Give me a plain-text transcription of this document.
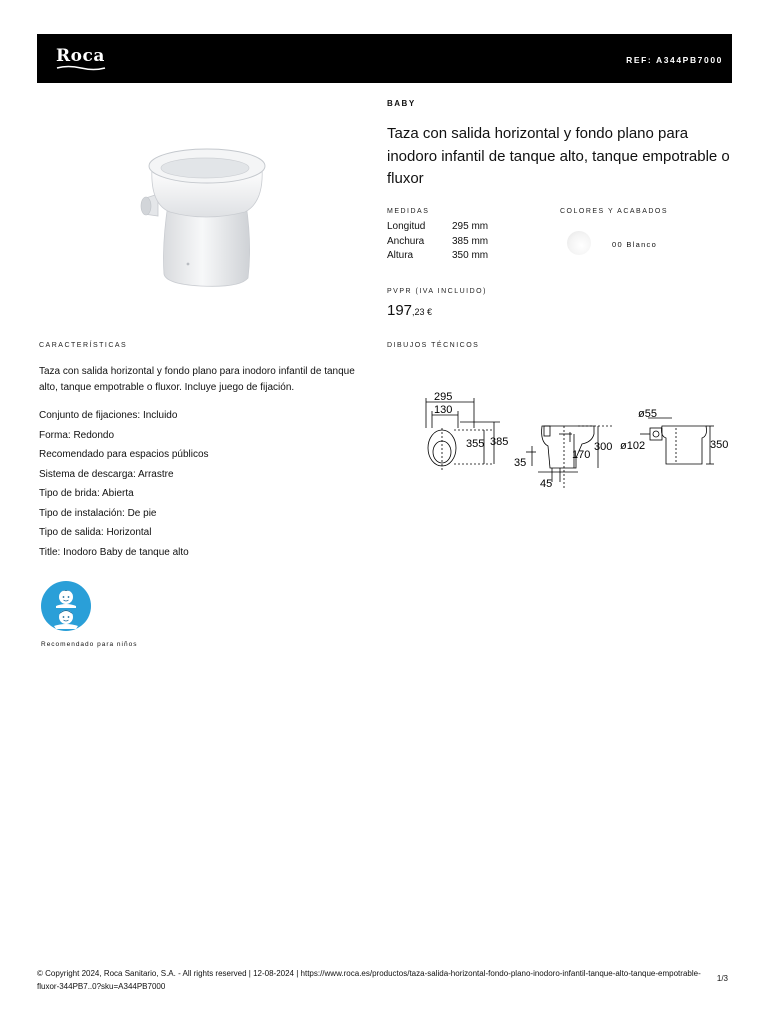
Roca	REF: A344PB7000
BABY
Taza con salida horizontal y fondo plano para inodoro infantil de tanque alto, tanque empotrable o fluxor
MEDIDAS
Longitud	295 mm
Anchura	385 mm
Altura	350 mm
COLORES Y ACABADOS
00 Blanco
PVPR (IVA INCLUIDO)
197,23 €
CARACTERÍSTICAS
Taza con salida horizontal y fondo plano para inodoro infantil de tanque alto, tanque empotrable o fluxor. Incluye juego de fijación.
Conjunto de fijaciones: Incluido
Forma: Redondo
Recomendado para espacios públicos
Sistema de descarga: Arrastre
Tipo de brida: Abierta
Tipo de instalación: De pie
Tipo de salida: Horizontal
Title: Inodoro Baby de tanque alto
Recomendado para niños
DIBUJOS TÉCNICOS
295
130
355 385
35
170
300
45
ø55
ø102	350
© Copyright 2024, Roca Sanitario, S.A. - All rights reserved | 12-08-2024 | https://www.roca.es/productos/taza-salida-horizontal-fondo-plano-inodoro-infantil-tanque-alto-tanque-empotrable-fluxor-344PB7..0?sku=A344PB7000
1/3
